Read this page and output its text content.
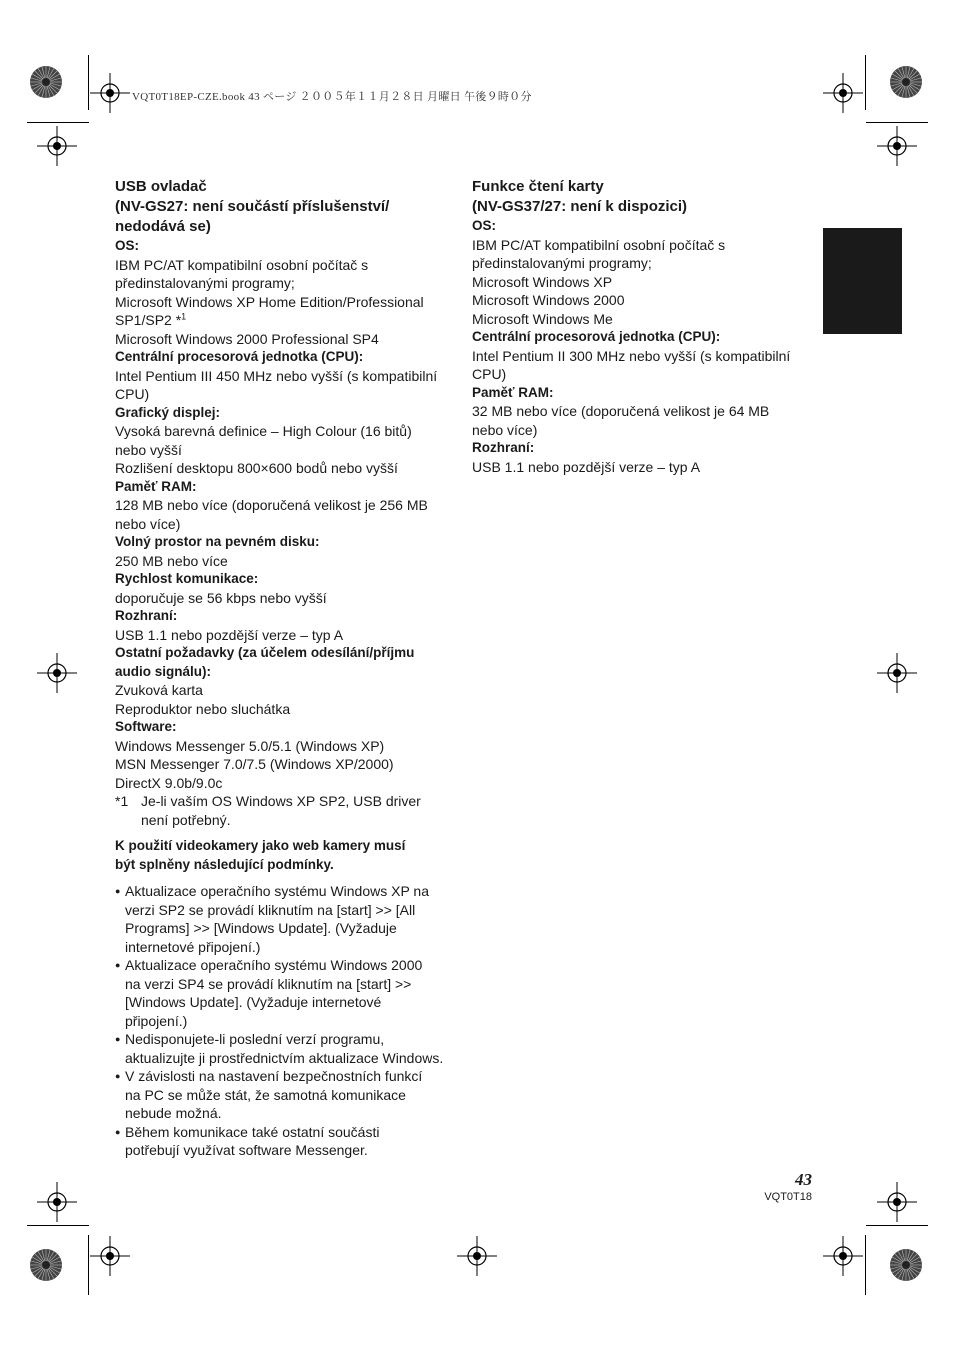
VQT0T18EP-CZE.book 43 ページ ２００５年１１月２８日 月曜日 午後９時０分
USB ovladač
(NV-GS27: není součástí příslušenství/
nedodává se)
OS:
IBM PC/AT kompatibilní osobní počítač s
předinstalovanými programy;
Microsoft Windows XP Home Edition/Professional
SP1/SP2 *$^1$
Microsoft Windows 2000 Professional SP4
Centrální procesorová jednotka (CPU):
Intel Pentium III 450 MHz nebo vyšší (s kompatibilní
CPU)
Grafický displej:
Vysoká barevná definice – High Colour (16 bitů)
nebo vyšší
Rozlišení desktopu 800×600 bodů nebo vyšší
Paměť RAM:
128 MB nebo více (doporučená velikost je 256 MB
nebo více)
Volný prostor na pevném disku:
250 MB nebo více
Rychlost komunikace:
doporučuje se 56 kbps nebo vyšší
Rozhraní:
USB 1.1 nebo pozdější verze – typ A
Ostatní požadavky (za účelem odesílání/příjmu
audio signálu):
Zvuková karta
Reproduktor nebo sluchátka
Software:
Windows Messenger 5.0/5.1 (Windows XP)
MSN Messenger 7.0/7.5 (Windows XP/2000)
DirectX 9.0b/9.0c
*1 Je-li vaším OS Windows XP SP2, USB driver
není potřebný.
K použití videokamery jako web kamery musí
být splněny následující podmínky.
● Aktualizace operačního systému Windows XP na
verzi SP2 se provádí kliknutím na [start] >> [All
Programs] >> [Windows Update]. (Vyžaduje
internetové připojení.)
● Aktualizace operačního systému Windows 2000
na verzi SP4 se provádí kliknutím na [start] >>
[Windows Update]. (Vyžaduje internetové
připojení.)
● Nedisponujete-li poslední verzí programu,
aktualizujte ji prostřednictvím aktualizace Windows.
● V závislosti na nastavení bezpečnostních funkcí
na PC se může stát, že samotná komunikace
nebude možná.
● Během komunikace také ostatní součásti
potřebují využívat software Messenger.
Funkce čtení karty
(NV-GS37/27: není k dispozici)
OS:
IBM PC/AT kompatibilní osobní počítač s
předinstalovanými programy;
Microsoft Windows XP
Microsoft Windows 2000
Microsoft Windows Me
Centrální procesorová jednotka (CPU):
Intel Pentium II 300 MHz nebo vyšší (s kompatibilní
CPU)
Paměť RAM:
32 MB nebo více (doporučená velikost je 64 MB
nebo více)
Rozhraní:
USB 1.1 nebo pozdější verze – typ A
43
VQT0T18
